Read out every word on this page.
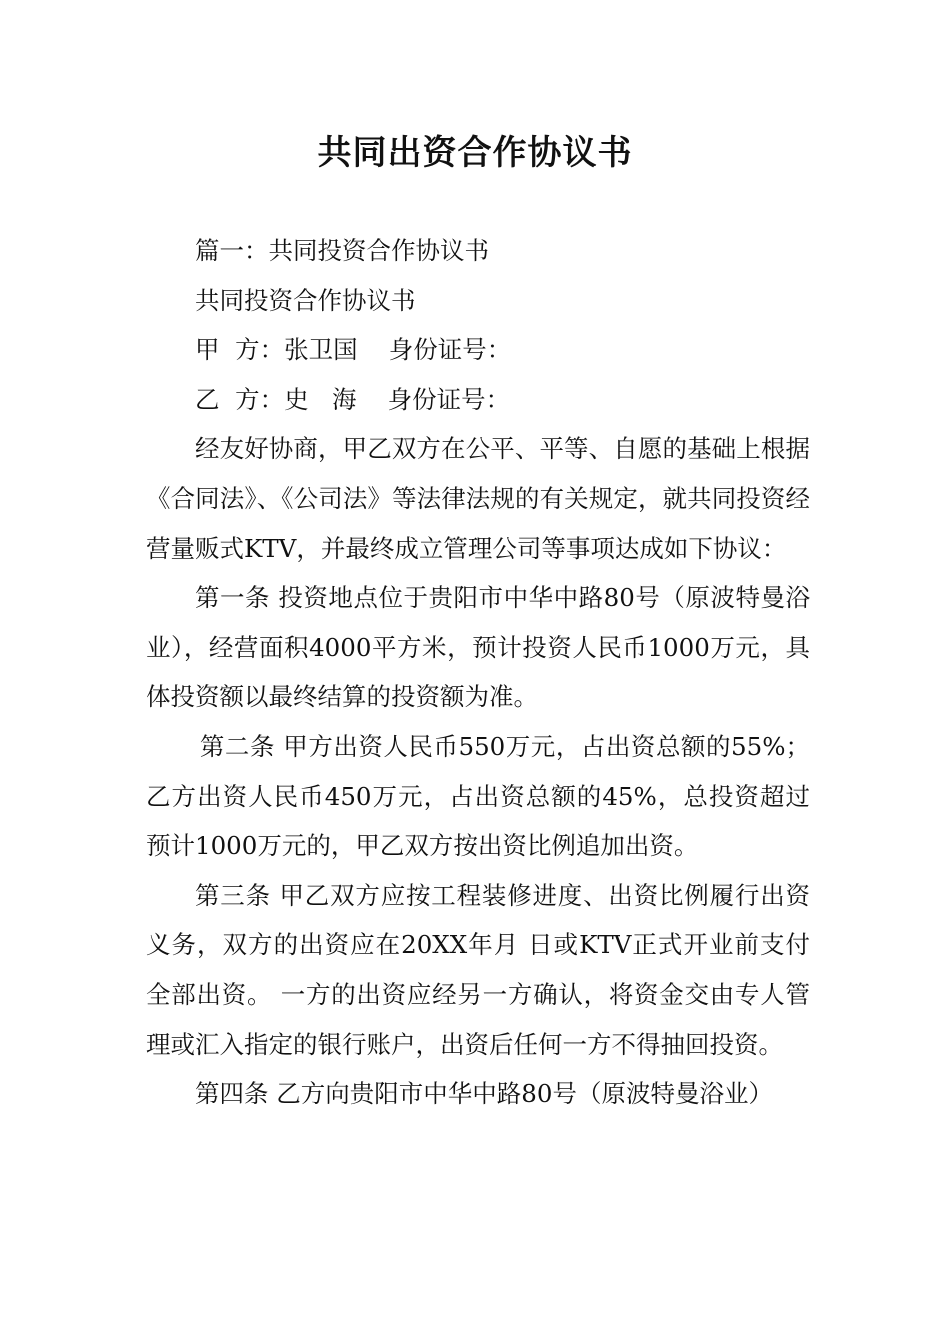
共同出资合作协议书

篇一：共同投资合作协议书

共同投资合作协议书

甲  方：张卫国    身份证号：

乙  方：史   海    身份证号：

经友好协商，甲乙双方在公平、平等、自愿的基础上根据《合同法》、《公司法》等法律法规的有关规定，就共同投资经营量贩式KTV，并最终成立管理公司等事项达成如下协议：

第一条 投资地点位于贵阳市中华中路80号（原波特曼浴业），经营面积4000平方米，预计投资人民币1000万元，具体投资额以最终结算的投资额为准。

第二条 甲方出资人民币550万元，占出资总额的55%；乙方出资人民币450万元，占出资总额的45%，总投资超过预计1000万元的，甲乙双方按出资比例追加出资。

第三条 甲乙双方应按工程装修进度、出资比例履行出资义务，双方的出资应在20XX年月 日或KTV正式开业前支付全部出资。 一方的出资应经另一方确认，将资金交由专人管理或汇入指定的银行账户，出资后任何一方不得抽回投资。

第四条 乙方向贵阳市中华中路80号（原波特曼浴业）
